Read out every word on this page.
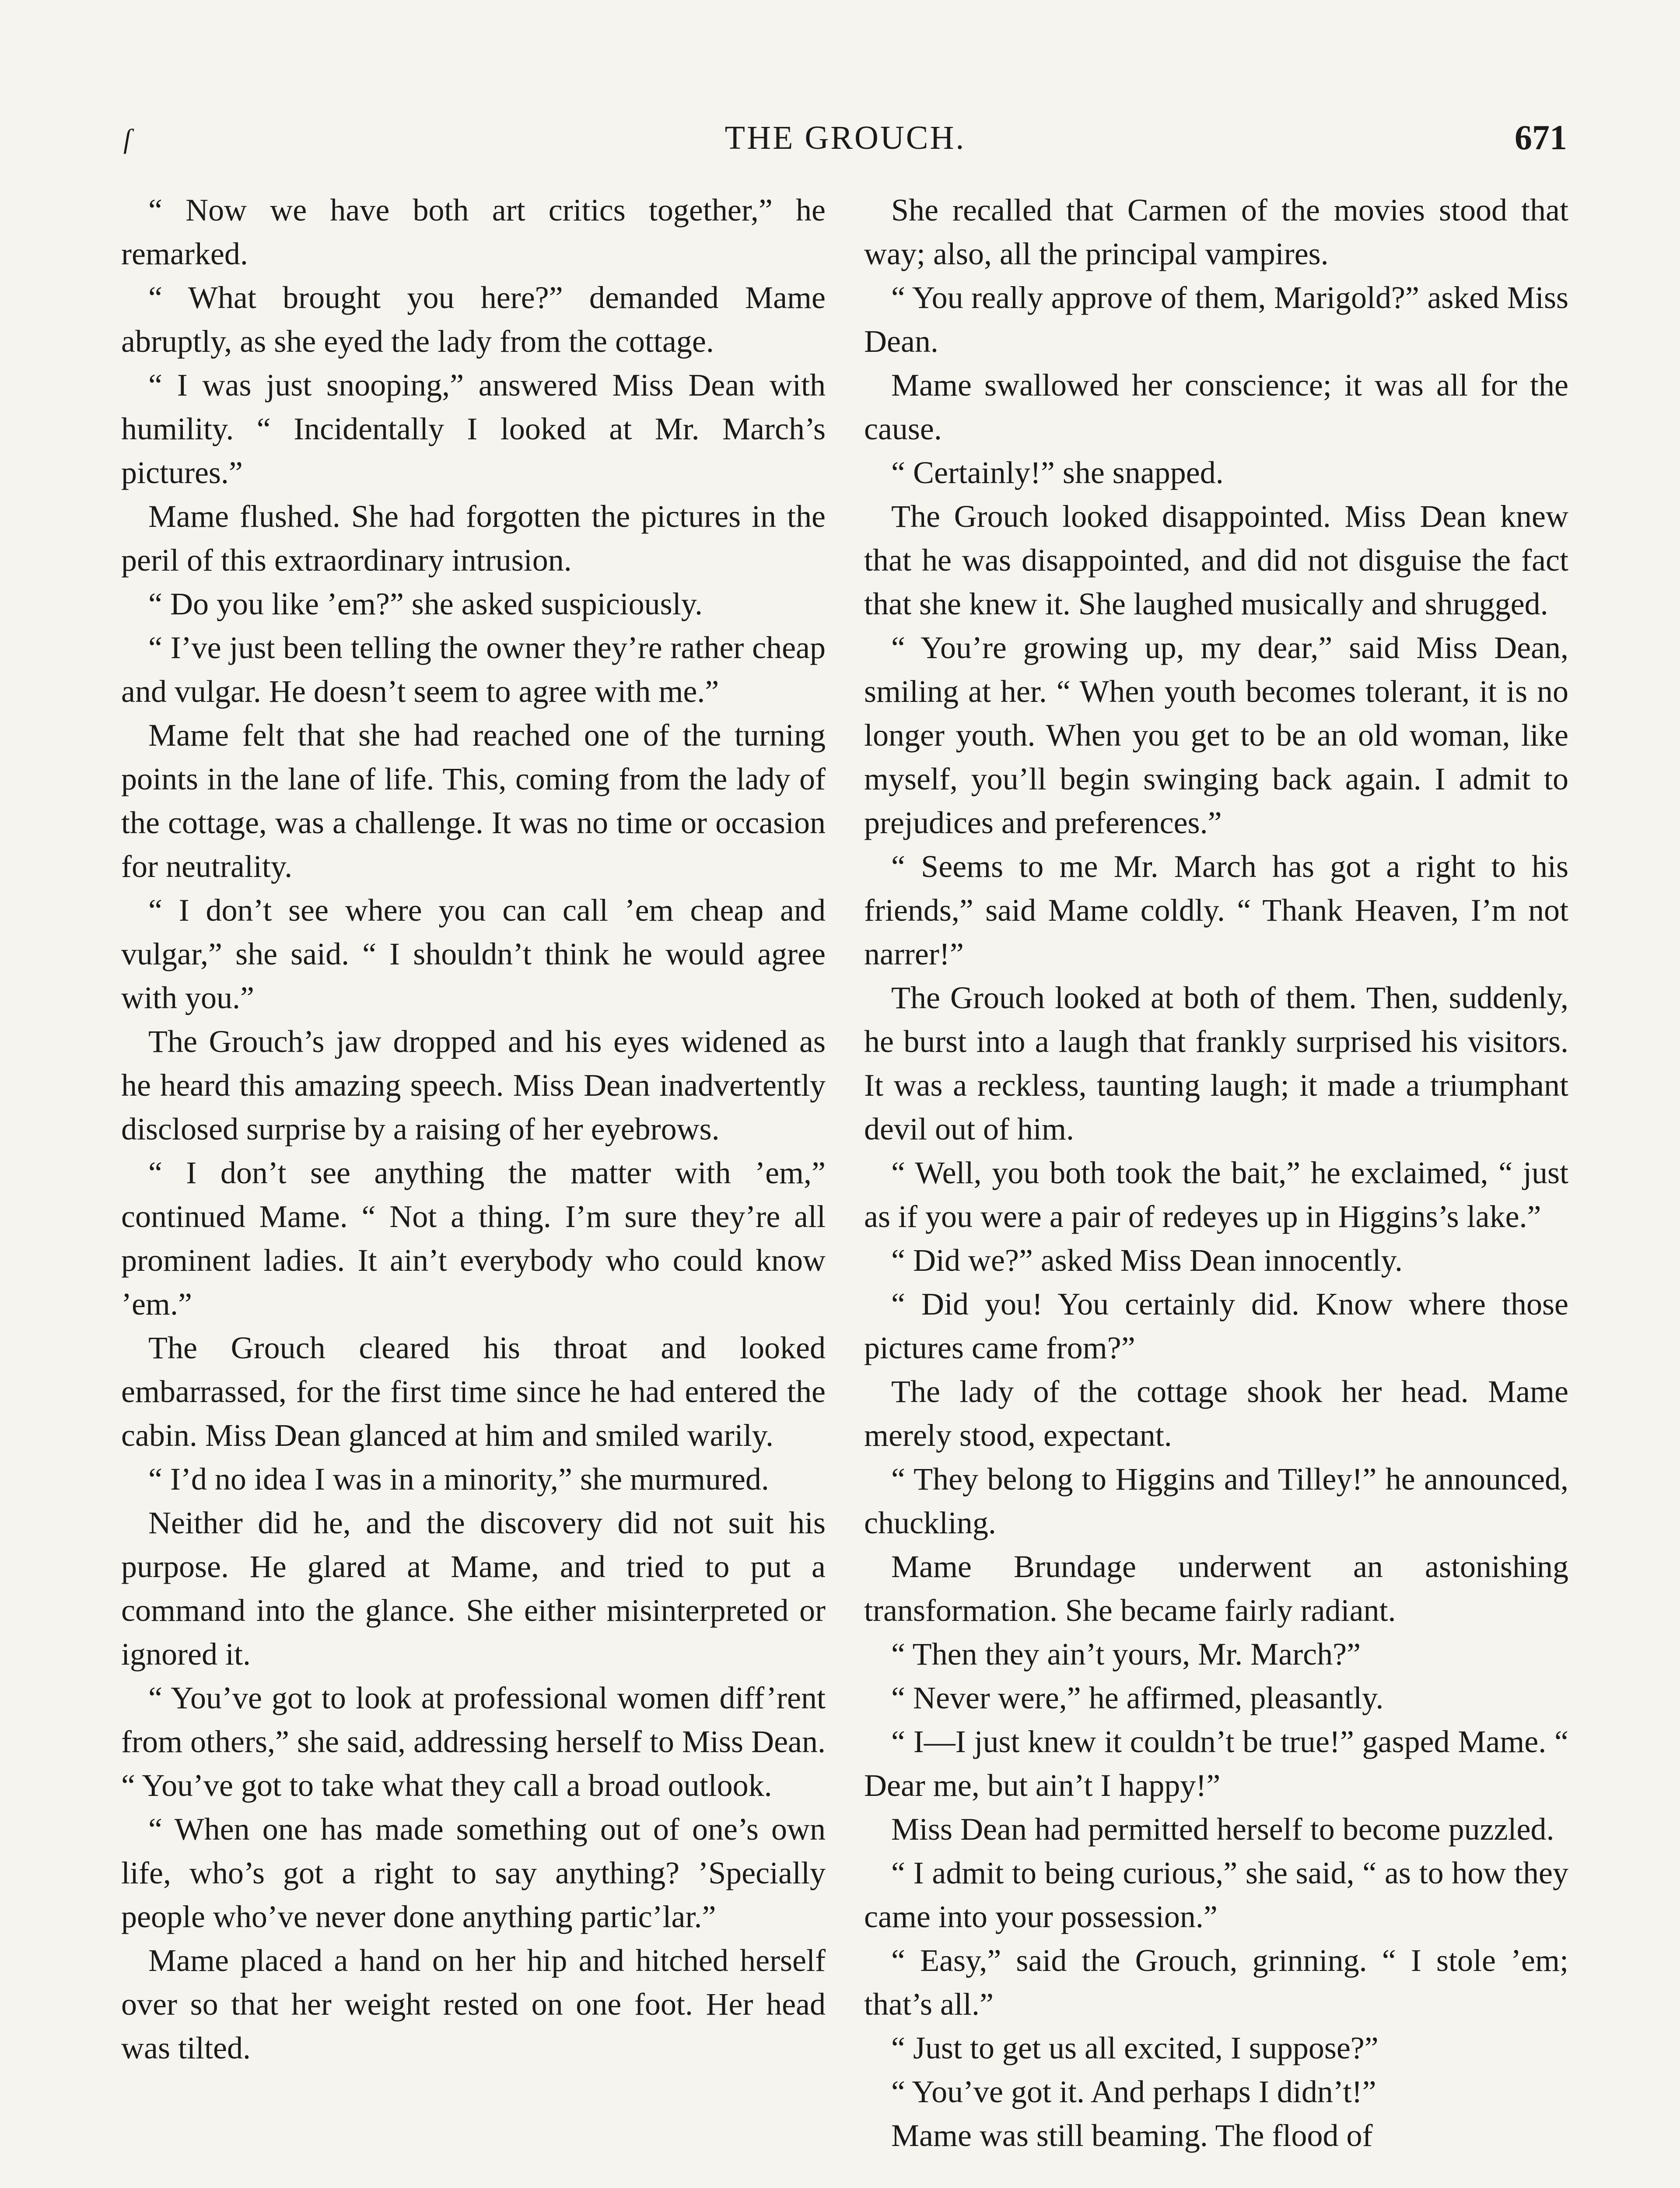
ſ	THE GROUCH.	671

“ Now we have both art critics together,” he remarked.

“ What brought you here?” demanded Mame abruptly, as she eyed the lady from the cottage.

“ I was just snooping,” answered Miss Dean with humility. “ Incidentally I looked at Mr. March’s pictures.”

Mame flushed. She had forgotten the pictures in the peril of this extraordinary intrusion.

“ Do you like ’em?” she asked suspiciously.

“ I’ve just been telling the owner they’re rather cheap and vulgar. He doesn’t seem to agree with me.”

Mame felt that she had reached one of the turning points in the lane of life. This, coming from the lady of the cottage, was a challenge. It was no time or occasion for neutrality.

“ I don’t see where you can call ’em cheap and vulgar,” she said. “ I shouldn’t think he would agree with you.”

The Grouch’s jaw dropped and his eyes widened as he heard this amazing speech. Miss Dean inadvertently disclosed surprise by a raising of her eyebrows.

“ I don’t see anything the matter with ’em,” continued Mame. “ Not a thing. I’m sure they’re all prominent ladies. It ain’t everybody who could know ’em.”

The Grouch cleared his throat and looked embarrassed, for the first time since he had entered the cabin. Miss Dean glanced at him and smiled warily.

“ I’d no idea I was in a minority,” she murmured.

Neither did he, and the discovery did not suit his purpose. He glared at Mame, and tried to put a command into the glance. She either misinterpreted or ignored it.

“ You’ve got to look at professional women diff’rent from others,” she said, addressing herself to Miss Dean. “ You’ve got to take what they call a broad outlook.

“ When one has made something out of one’s own life, who’s got a right to say anything? ’Specially people who’ve never done anything partic’lar.”

Mame placed a hand on her hip and hitched herself over so that her weight rested on one foot. Her head was tilted.

She recalled that Carmen of the movies stood that way; also, all the principal vampires.

“ You really approve of them, Marigold?” asked Miss Dean.

Mame swallowed her conscience; it was all for the cause.

“ Certainly!” she snapped.

The Grouch looked disappointed. Miss Dean knew that he was disappointed, and did not disguise the fact that she knew it. She laughed musically and shrugged.

“ You’re growing up, my dear,” said Miss Dean, smiling at her. “ When youth becomes tolerant, it is no longer youth. When you get to be an old woman, like myself, you’ll begin swinging back again. I admit to prejudices and preferences.”

“ Seems to me Mr. March has got a right to his friends,” said Mame coldly. “ Thank Heaven, I’m not narrer!”

The Grouch looked at both of them. Then, suddenly, he burst into a laugh that frankly surprised his visitors. It was a reckless, taunting laugh; it made a triumphant devil out of him.

“ Well, you both took the bait,” he exclaimed, “ just as if you were a pair of redeyes up in Higgins’s lake.”

“ Did we?” asked Miss Dean innocently.

“ Did you! You certainly did. Know where those pictures came from?”

The lady of the cottage shook her head. Mame merely stood, expectant.

“ They belong to Higgins and Tilley!” he announced, chuckling.

Mame Brundage underwent an astonishing transformation. She became fairly radiant.

“ Then they ain’t yours, Mr. March?”

“ Never were,” he affirmed, pleasantly.

“ I—I just knew it couldn’t be true!” gasped Mame. “ Dear me, but ain’t I happy!”

Miss Dean had permitted herself to become puzzled.

“ I admit to being curious,” she said, “ as to how they came into your possession.”

“ Easy,” said the Grouch, grinning. “ I stole ’em; that’s all.”

“ Just to get us all excited, I suppose?”

“ You’ve got it. And perhaps I didn’t!”

Mame was still beaming. The flood of
